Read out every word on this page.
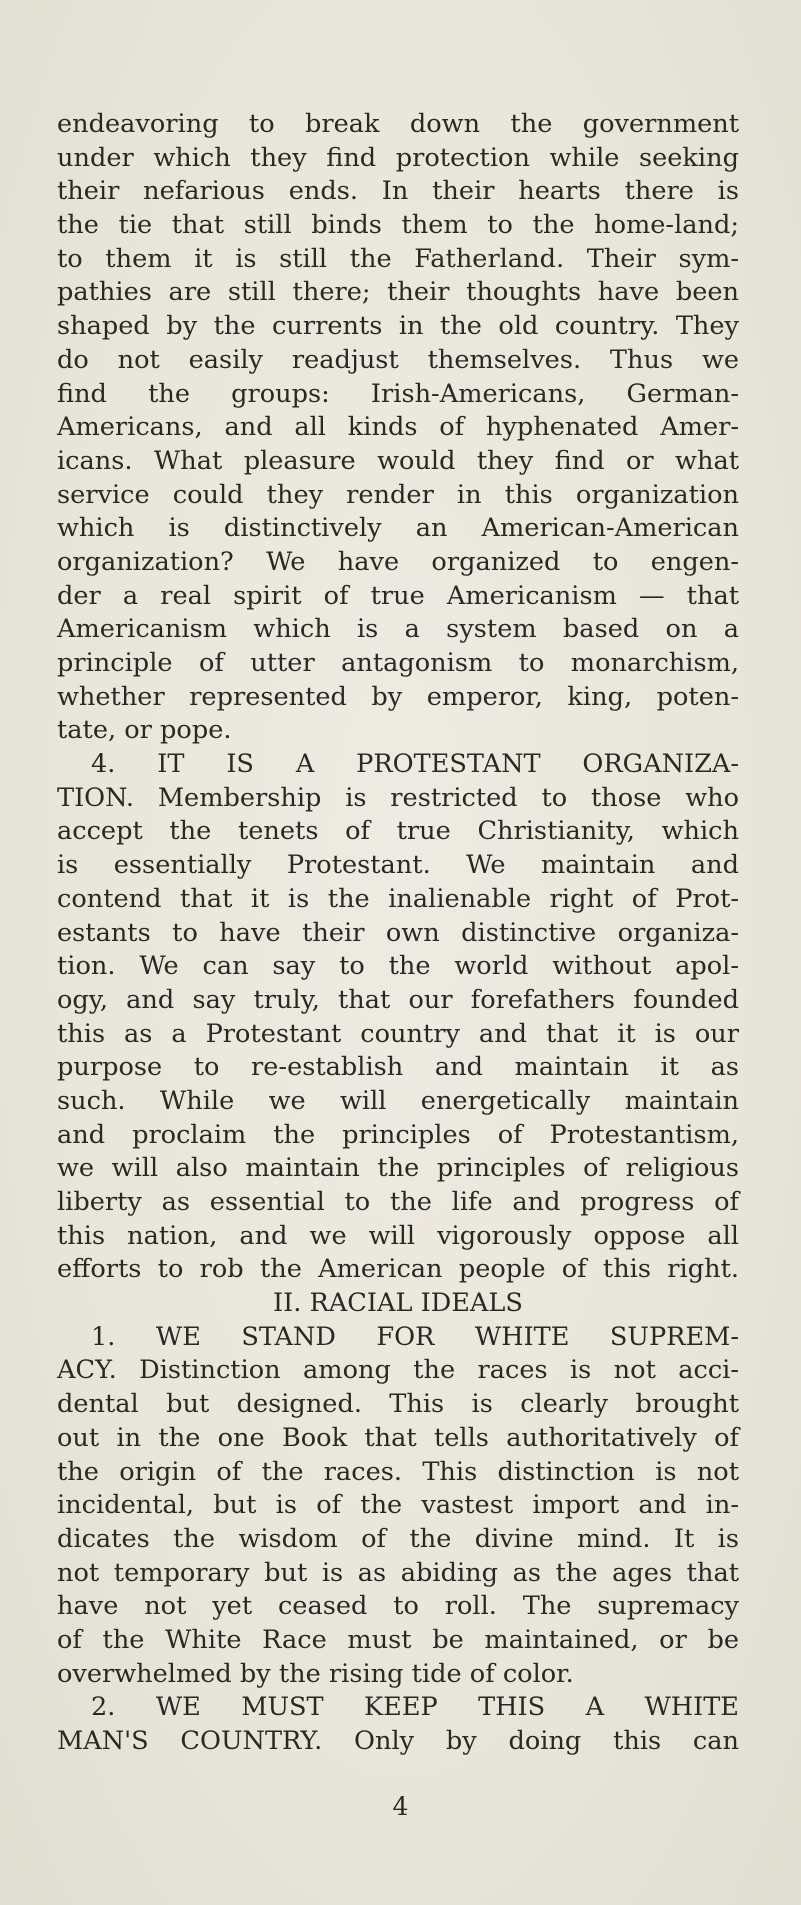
endeavoring to break down the government
under which they find protection while seeking
their nefarious ends. In their hearts there is
the tie that still binds them to the home-land;
to them it is still the Fatherland. Their sym-
pathies are still there; their thoughts have been
shaped by the currents in the old country. They
do not easily readjust themselves. Thus we
find the groups: Irish-Americans, German-
Americans, and all kinds of hyphenated Amer-
icans. What pleasure would they find or what
service could they render in this organization
which is distinctively an American-American
organization? We have organized to engen-
der a real spirit of true Americanism — that
Americanism which is a system based on a
principle of utter antagonism to monarchism,
whether represented by emperor, king, poten-
tate, or pope.
4. IT IS A PROTESTANT ORGANIZA-
TION. Membership is restricted to those who
accept the tenets of true Christianity, which
is essentially Protestant. We maintain and
contend that it is the inalienable right of Prot-
estants to have their own distinctive organiza-
tion. We can say to the world without apol-
ogy, and say truly, that our forefathers founded
this as a Protestant country and that it is our
purpose to re-establish and maintain it as
such. While we will energetically maintain
and proclaim the principles of Protestantism,
we will also maintain the principles of religious
liberty as essential to the life and progress of
this nation, and we will vigorously oppose all
efforts to rob the American people of this right.
II. RACIAL IDEALS
1. WE STAND FOR WHITE SUPREM-
ACY. Distinction among the races is not acci-
dental but designed. This is clearly brought
out in the one Book that tells authoritatively of
the origin of the races. This distinction is not
incidental, but is of the vastest import and in-
dicates the wisdom of the divine mind. It is
not temporary but is as abiding as the ages that
have not yet ceased to roll. The supremacy
of the White Race must be maintained, or be
overwhelmed by the rising tide of color.
2. WE MUST KEEP THIS A WHITE
MAN'S COUNTRY. Only by doing this can
4
